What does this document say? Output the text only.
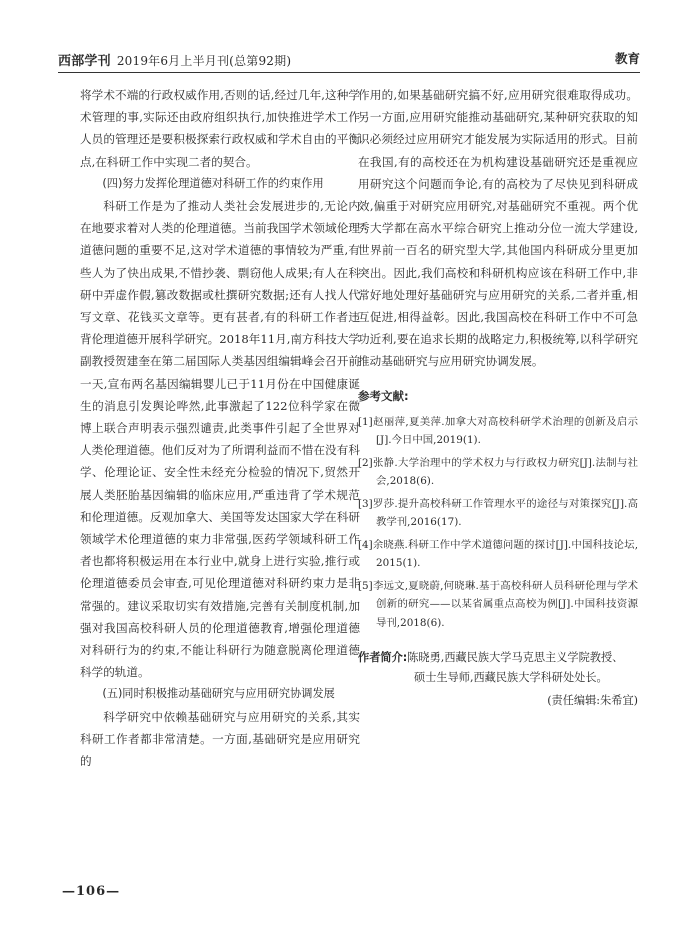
西部学刊 2019年6月上半月刊(总第92期)	教育

将学术不端的行政权威作用,否则的话,经过几年,这种学术管理的事,实际还由政府组织执行,加快推进学术工作人员的管理还是要积极探索行政权威和学术自由的平衡点,在科研工作中实现二者的契合。

(四)努力发挥伦理道德对科研工作的约束作用

科研工作是为了推动人类社会发展进步的,无论内在地要求着对人类的伦理道德。当前我国学术领域伦理道德问题的重要不足,这对学术道德的事情较为严重,有些人为了快出成果,不惜抄袭、剽窃他人成果;有人在科研中弄虚作假,篡改数据或杜撰研究数据;还有人找人代写文章、花钱买文章等。更有甚者,有的科研工作者违背伦理道德开展科学研究。2018年11月,南方科技大学副教授贺建奎在第二届国际人类基因组编辑峰会召开前一天,宣布两名基因编辑婴儿已于11月份在中国健康诞生的消息引发舆论哗然,此事激起了122位科学家在微博上联合声明表示强烈谴责,此类事件引起了全世界对人类伦理道德。他们反对为了所谓利益而不惜在没有科学、伦理论证、安全性未经充分检验的情况下,贸然开展人类胚胎基因编辑的临床应用,严重违背了学术规范和伦理道德。反观加拿大、美国等发达国家大学在科研领域学术伦理道德的束力非常强,医药学领域科研工作者也都将积极运用在本行业中,就身上进行实验,推行或伦理道德委员会审查,可见伦理道德对科研约束力是非常强的。建议采取切实有效措施,完善有关制度机制,加强对我国高校科研人员的伦理道德教育,增强伦理道德对科研行为的约束,不能让科研行为随意脱离伦理道德科学的轨道。

(五)同时积极推动基础研究与应用研究协调发展

科学研究中依赖基础研究与应用研究的关系,其实科研工作者都非常清楚。一方面,基础研究是应用研究的

作用的,如果基础研究搞不好,应用研究很难取得成功。另一方面,应用研究能推动基础研究,某种研究获取的知识必须经过应用研究才能发展为实际适用的形式。目前在我国,有的高校还在为机构建设基础研究还是重视应用研究这个问题而争论,有的高校为了尽快见到科研成效,偏重于对研究应用研究,对基础研究不重视。两个优秀大学都在高水平综合研究上推动分位一流大学建设,世界前一百名的研究型大学,其他国内科研成分里更加突出。因此,我们高校和科研机构应该在科研工作中,非常好地处理好基础研究与应用研究的关系,二者并重,相互促进,相得益彰。因此,我国高校在科研工作中不可急功近利,要在追求长期的战略定力,积极统筹,以科学研究推动基础研究与应用研究协调发展。

参考文献:
[1]赵丽萍,夏美萍.加拿大对高校科研学术治理的创新及启示[J].今日中国,2019(1).
[2]张静.大学治理中的学术权力与行政权力研究[J].法制与社会,2018(6).
[3]罗莎.提升高校科研工作管理水平的途径与对策探究[J].高教学刊,2016(17).
[4]余晓燕.科研工作中学术道德问题的探讨[J].中国科技论坛,2015(1).
[5]李远文,夏晓蔚,何晓琳.基于高校科研人员科研伦理与学术创新的研究——以某省属重点高校为例[J].中国科技资源导刊,2018(6).
作者简介:陈晓勇,西藏民族大学马克思主义学院教授、
硕士生导师,西藏民族大学科研处处长。
(责任编辑:朱希宜)
—106—
